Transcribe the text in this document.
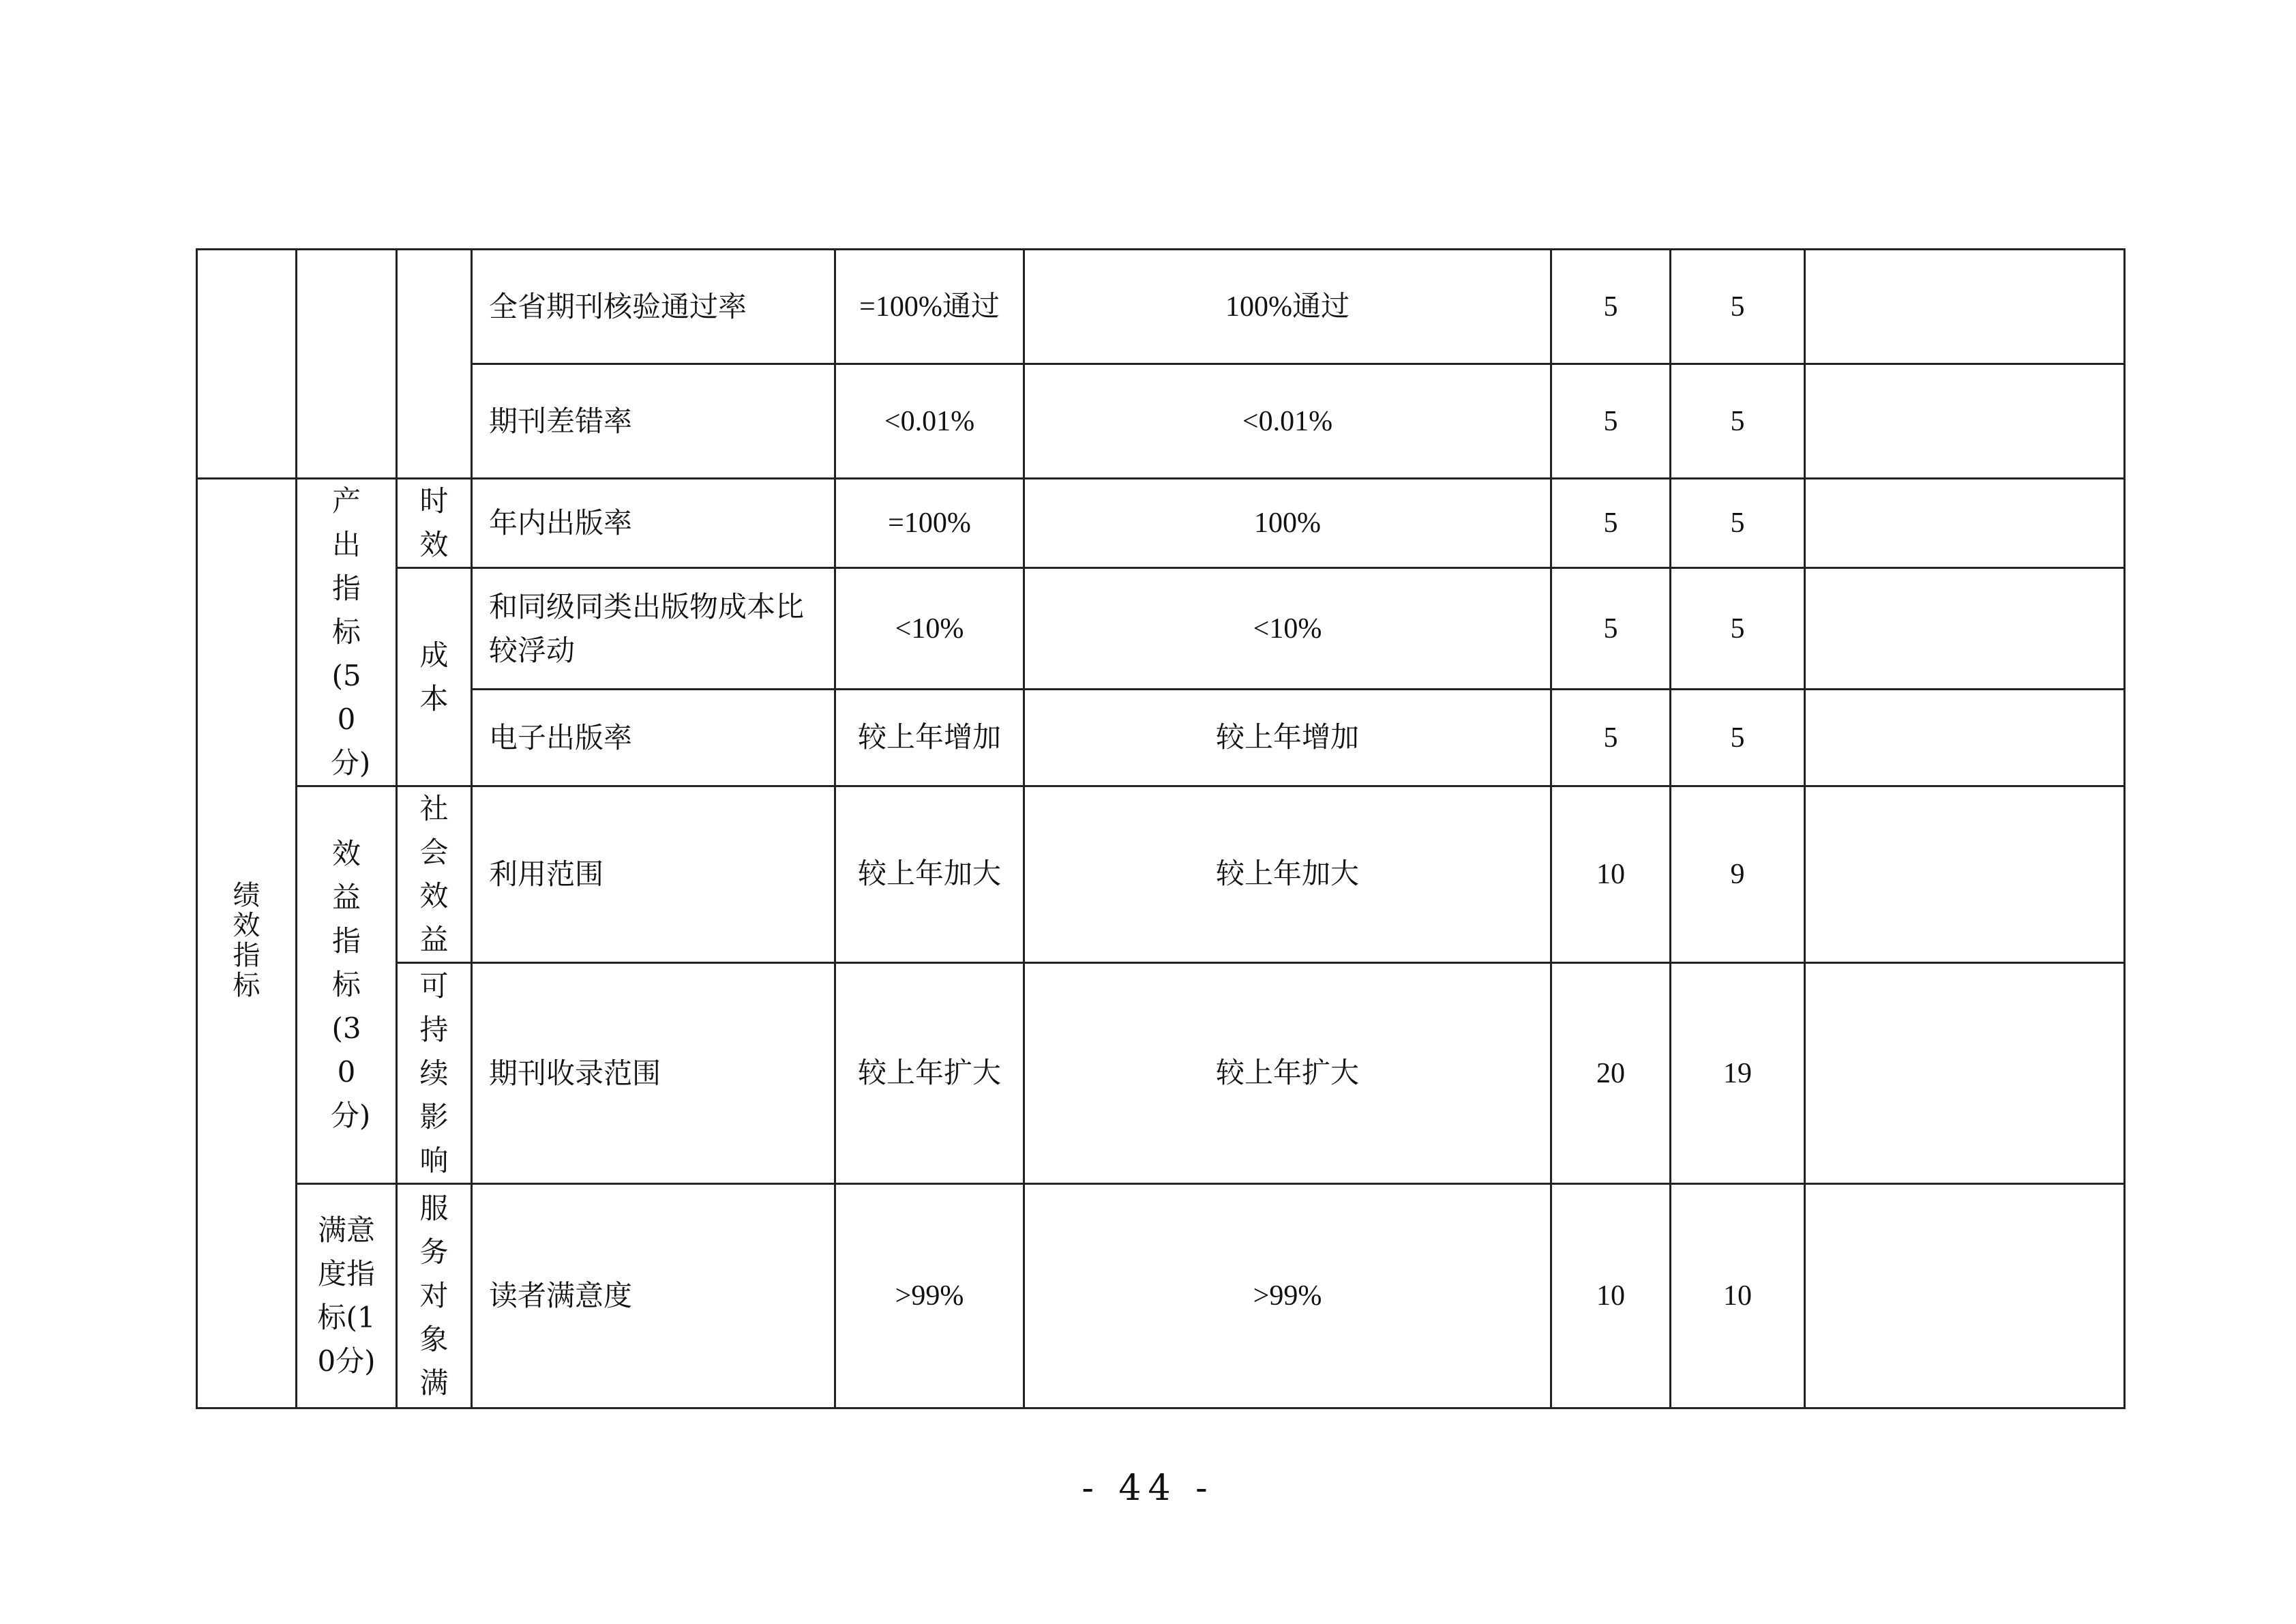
			全省期刊核验通过率	=100%通过	100%通过	5	5	
			期刊差错率	<0.01%	<0.01%	5	5	
绩效指标	产出指标(50分)	时效	年内出版率	=100%	100%	5	5	
		成本	和同级同类出版物成本比较浮动	<10%	<10%	5	5	
			电子出版率	较上年增加	较上年增加	5	5	
	效益指标(30分)	社会效益	利用范围	较上年加大	较上年加大	10	9	
		可持续影响	期刊收录范围	较上年扩大	较上年扩大	20	19	
	满意度指标(10分)	服务对象满	读者满意度	>99%	>99%	10	10	
- 44 -
